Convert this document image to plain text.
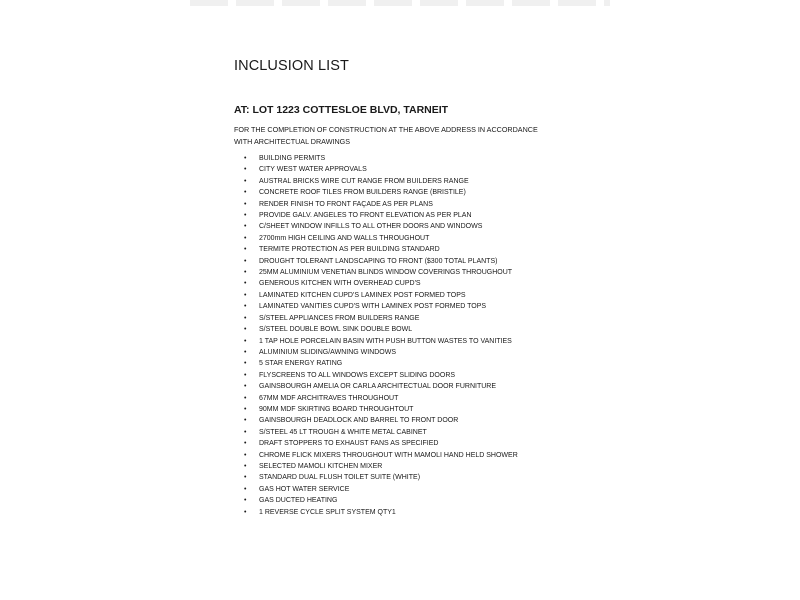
INCLUSION LIST
AT: LOT 1223 COTTESLOE BLVD, TARNEIT
FOR THE COMPLETION OF CONSTRUCTION AT THE ABOVE ADDRESS IN ACCORDANCE WITH ARCHITECTUAL DRAWINGS
• BUILDING PERMITS
• CITY WEST WATER APPROVALS
• AUSTRAL BRICKS WIRE CUT RANGE FROM BUILDERS RANGE
• CONCRETE ROOF TILES FROM BUILDERS RANGE (BRISTILE)
• RENDER FINISH TO FRONT FAÇADE AS PER PLANS
• PROVIDE GALV. ANGELES TO FRONT ELEVATION AS PER PLAN
• C/SHEET WINDOW INFILLS TO ALL OTHER DOORS AND WINDOWS
• 2700mm HIGH CEILING AND WALLS THROUGHOUT
• TERMITE PROTECTION AS PER BUILDING STANDARD
• DROUGHT TOLERANT LANDSCAPING TO FRONT ($300 TOTAL PLANTS)
• 25MM ALUMINIUM VENETIAN BLINDS WINDOW COVERINGS THROUGHOUT
• GENEROUS KITCHEN WITH OVERHEAD CUPD'S
• LAMINATED KITCHEN CUPD'S LAMINEX POST FORMED TOPS
• LAMINATED VANITIES CUPD'S WITH LAMINEX POST FORMED TOPS
• S/STEEL APPLIANCES FROM BUILDERS RANGE
• S/STEEL DOUBLE BOWL SINK DOUBLE BOWL
• 1 TAP HOLE PORCELAIN BASIN WITH PUSH BUTTON WASTES TO VANITIES
• ALUMINIUM SLIDING/AWNING WINDOWS
• 5 STAR ENERGY RATING
• FLYSCREENS TO ALL WINDOWS EXCEPT SLIDING DOORS
• GAINSBOURGH AMELIA OR CARLA ARCHITECTUAL DOOR FURNITURE
• 67MM MDF ARCHITRAVES THROUGHOUT
• 90MM MDF SKIRTING BOARD THROUGHTOUT
• GAINSBOURGH DEADLOCK AND BARREL TO FRONT DOOR
• S/STEEL 45 LT TROUGH & WHITE METAL CABINET
• DRAFT STOPPERS TO EXHAUST FANS AS SPECIFIED
• CHROME FLICK MIXERS THROUGHOUT WITH MAMOLI HAND HELD SHOWER
• SELECTED MAMOLI KITCHEN MIXER
• STANDARD DUAL FLUSH TOILET SUITE (WHITE)
• GAS HOT WATER SERVICE
• GAS DUCTED HEATING
• 1 REVERSE CYCLE SPLIT SYSTEM QTY1
